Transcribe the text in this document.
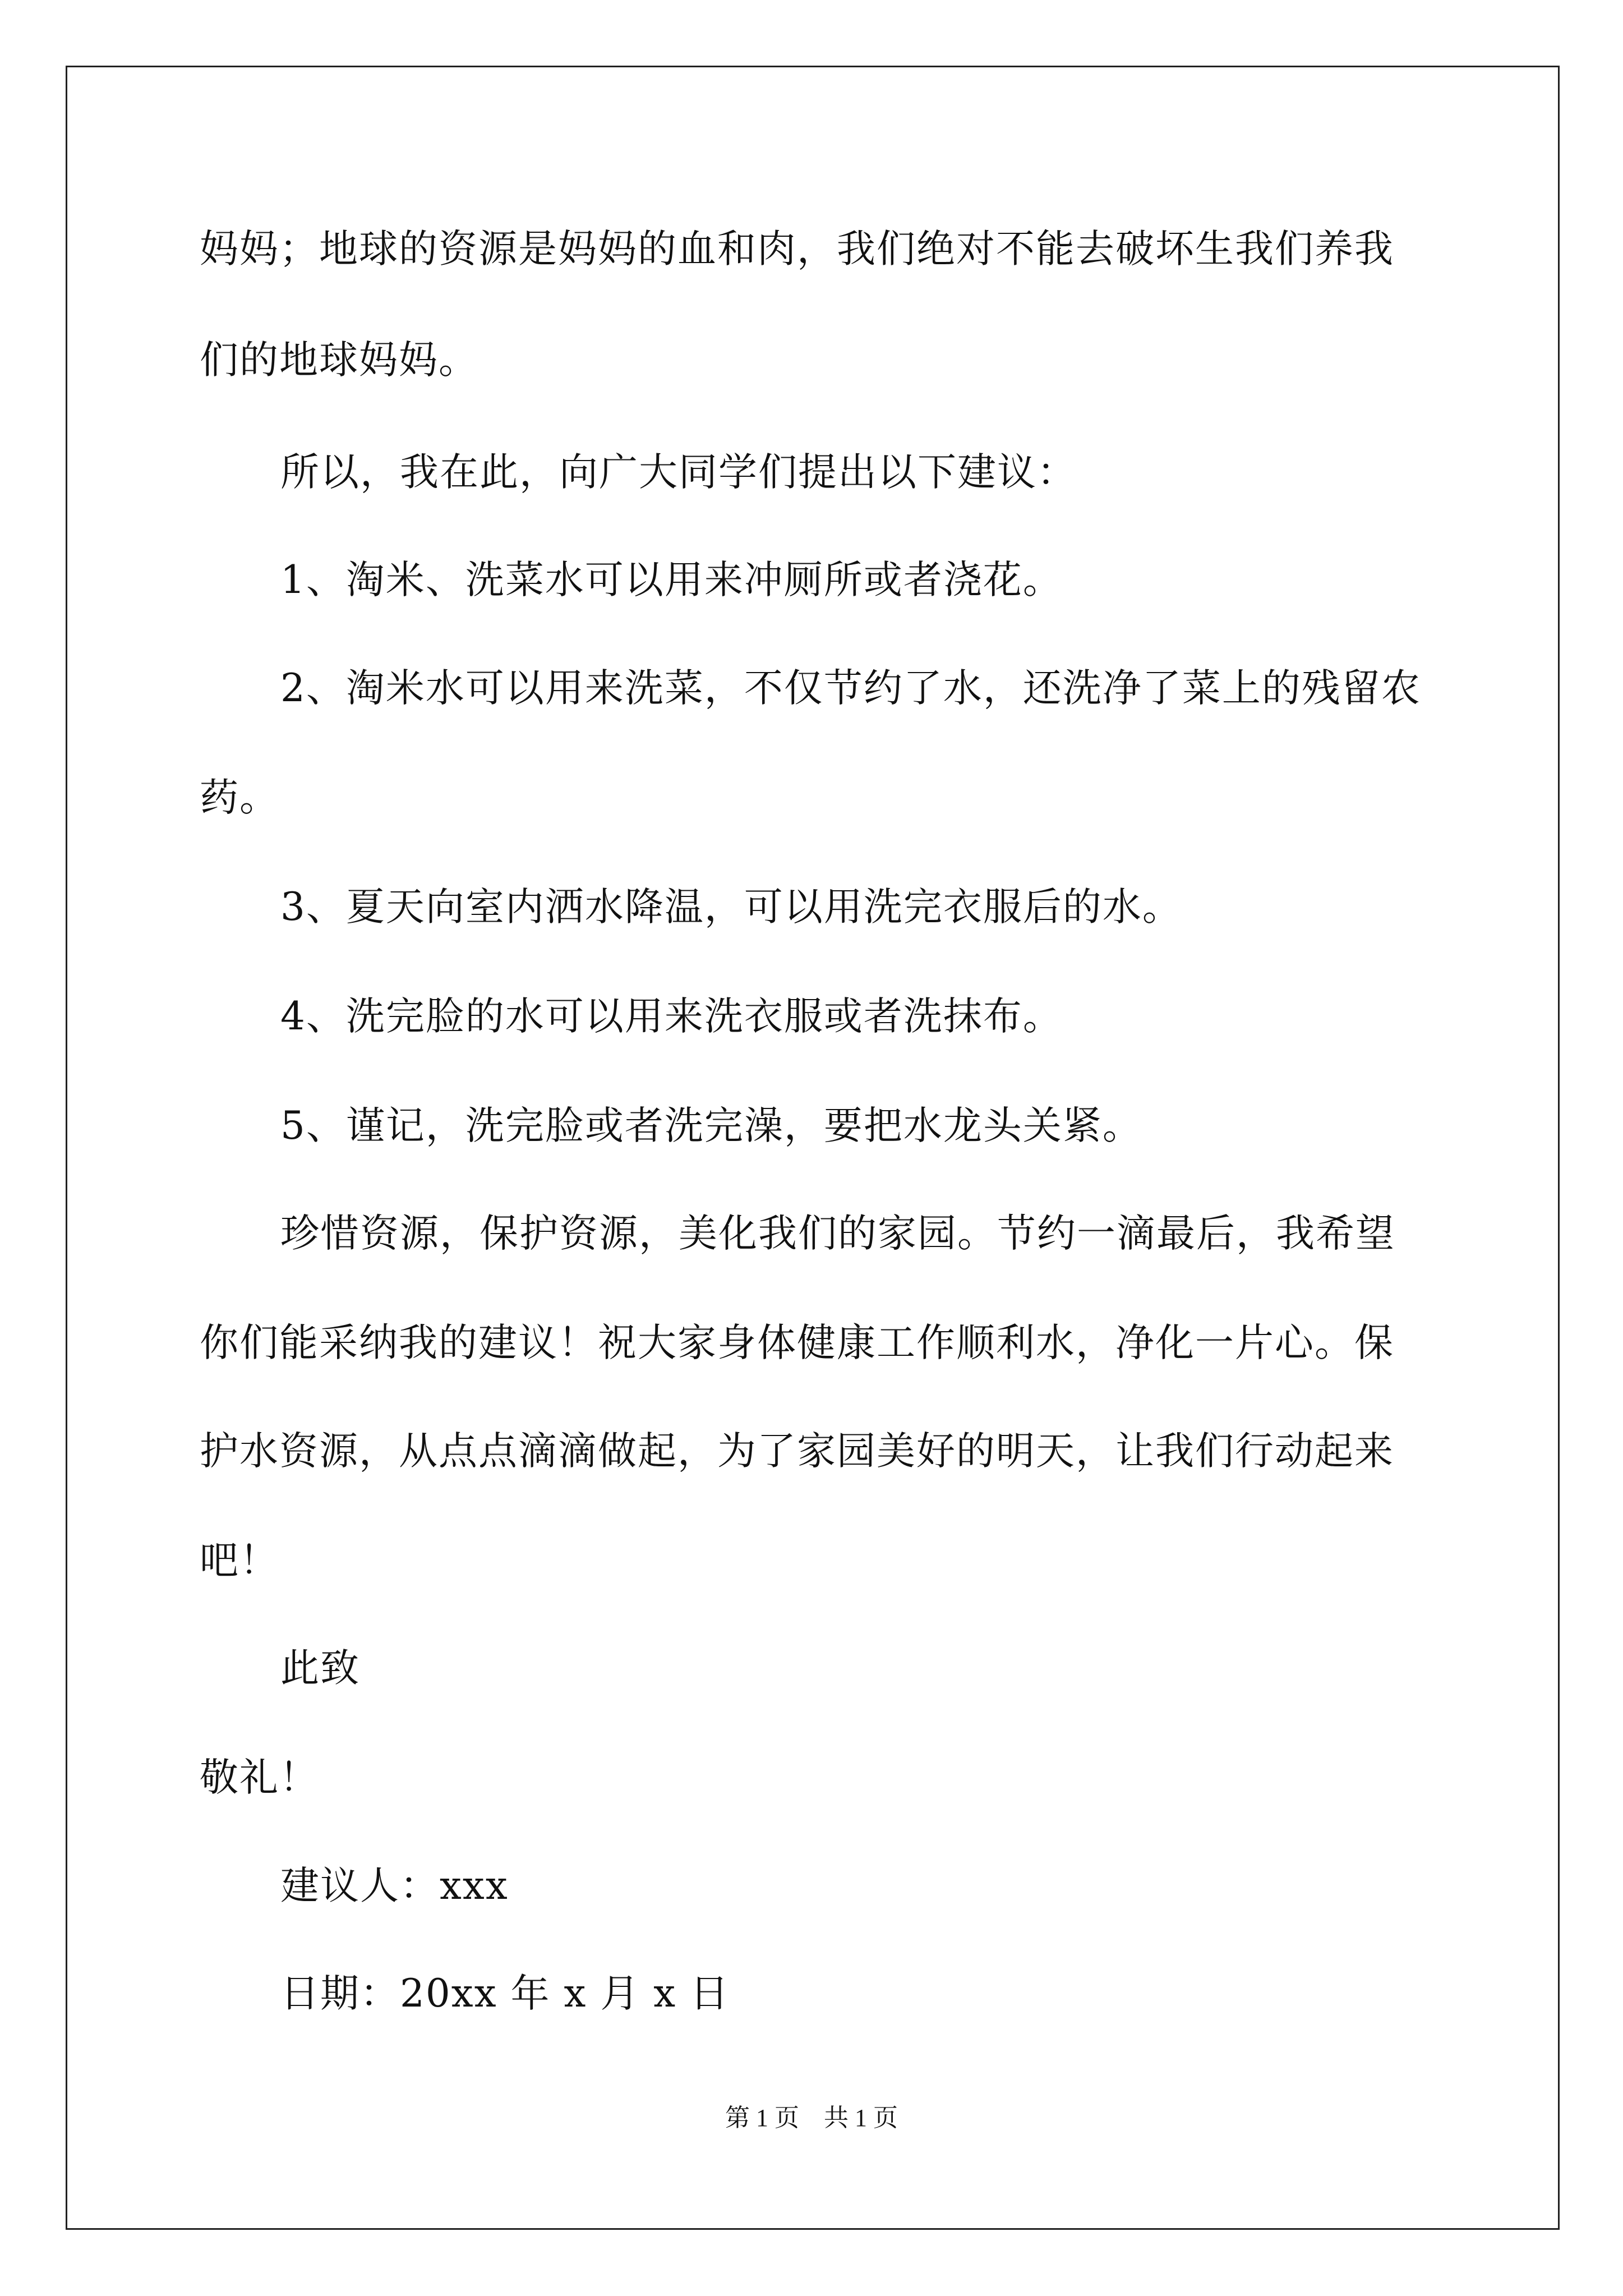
妈妈；地球的资源是妈妈的血和肉，我们绝对不能去破坏生我们养我
们的地球妈妈。
所以，我在此，向广大同学们提出以下建议：
1、淘米、洗菜水可以用来冲厕所或者浇花。
2、淘米水可以用来洗菜，不仅节约了水，还洗净了菜上的残留农
药。
3、夏天向室内洒水降温，可以用洗完衣服后的水。
4、洗完脸的水可以用来洗衣服或者洗抹布。
5、谨记，洗完脸或者洗完澡，要把水龙头关紧。
珍惜资源，保护资源，美化我们的家园。节约一滴最后，我希望
你们能采纳我的建议！祝大家身体健康工作顺利水，净化一片心。保
护水资源，从点点滴滴做起，为了家园美好的明天，让我们行动起来
吧！
此致
敬礼！
建议人：xxx
日期：20xx 年 x 月 x 日
第 1 页　共 1 页
